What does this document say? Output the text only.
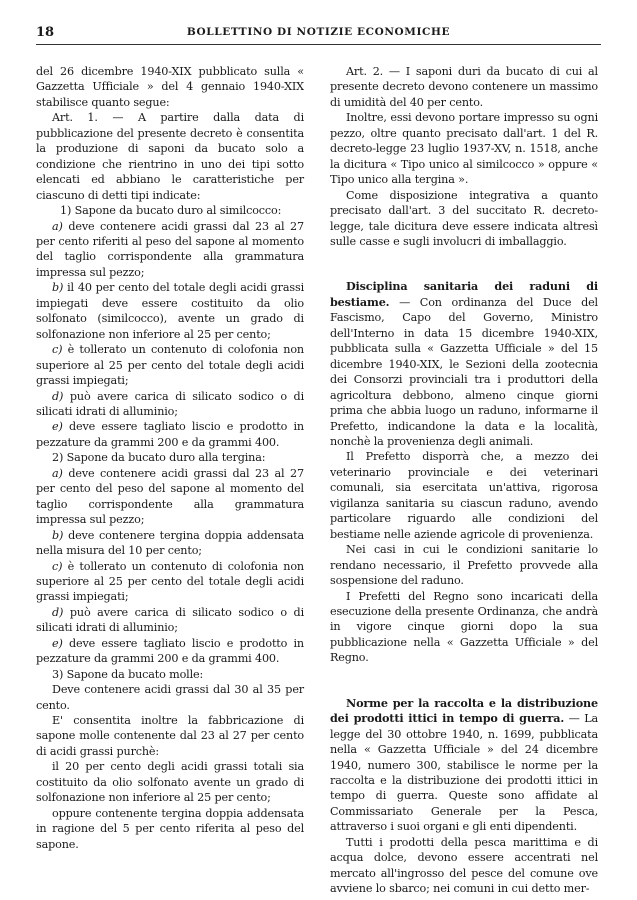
18	BOLLETTINO DI NOTIZIE ECONOMICHE

del 26 dicembre 1940-XIX pubblicato sulla « Gazzetta Ufficiale » del 4 gennaio 1940-XIX stabilisce quanto segue:

Art. 1. — A partire dalla data di pubblicazione del presente decreto è consentita la produzione di saponi da bucato solo a condizione che rientrino in uno dei tipi sotto elencati ed abbiano le caratteristiche per ciascuno di detti tipi indicate:

1) Sapone da bucato duro al similcocco:

a) deve contenere acidi grassi dal 23 al 27 per cento riferiti al peso del sapone al momento del taglio corrispondente alla grammatura impressa sul pezzo;

b) il 40 per cento del totale degli acidi grassi impiegati deve essere costituito da olio solfonato (similcocco), avente un grado di solfonazione non inferiore al 25 per cento;

c) è tollerato un contenuto di colofonia non superiore al 25 per cento del totale degli acidi grassi impiegati;

d) può avere carica di silicato sodico o di silicati idrati di alluminio;

e) deve essere tagliato liscio e prodotto in pezzature da grammi 200 e da grammi 400.

2) Sapone da bucato duro alla tergina:

a) deve contenere acidi grassi dal 23 al 27 per cento del peso del sapone al momento del taglio corrispondente alla grammatura impressa sul pezzo;

b) deve contenere tergina doppia addensata nella misura del 10 per cento;

c) è tollerato un contenuto di colofonia non superiore al 25 per cento del totale degli acidi grassi impiegati;

d) può avere carica di silicato sodico o di silicati idrati di alluminio;

e) deve essere tagliato liscio e prodotto in pezzature da grammi 200 e da grammi 400.

3) Sapone da bucato molle:

Deve contenere acidi grassi dal 30 al 35 per cento.

E' consentita inoltre la fabbricazione di sapone molle contenente dal 23 al 27 per cento di acidi grassi purchè:

il 20 per cento degli acidi grassi totali sia costituito da olio solfonato avente un grado di solfonazione non inferiore al 25 per cento;

oppure contenente tergina doppia addensata in ragione del 5 per cento riferita al peso del sapone.

Art. 2. — I saponi duri da bucato di cui al presente decreto devono contenere un massimo di umidità del 40 per cento.

Inoltre, essi devono portare impresso su ogni pezzo, oltre quanto precisato dall'art. 1 del R. decreto-legge 23 luglio 1937-XV, n. 1518, anche la dicitura « Tipo unico al similcocco » oppure « Tipo unico alla tergina ».

Come disposizione integrativa a quanto precisato dall'art. 3 del succitato R. decreto-legge, tale dicitura deve essere indicata altresì sulle casse e sugli involucri di imballaggio.

Disciplina sanitaria dei raduni di bestiame. — Con ordinanza del Duce del Fascismo, Capo del Governo, Ministro dell'Interno in data 15 dicembre 1940-XIX, pubblicata sulla « Gazzetta Ufficiale » del 15 dicembre 1940-XIX, le Sezioni della zootecnia dei Consorzi provinciali tra i produttori della agricoltura debbono, almeno cinque giorni prima che abbia luogo un raduno, informarne il Prefetto, indicandone la data e la località, nonchè la provenienza degli animali.

Il Prefetto disporrà che, a mezzo dei veterinario provinciale e dei veterinari comunali, sia esercitata un'attiva, rigorosa vigilanza sanitaria su ciascun raduno, avendo particolare riguardo alle condizioni del bestiame nelle aziende agricole di provenienza.

Nei casi in cui le condizioni sanitarie lo rendano necessario, il Prefetto provvede alla sospensione del raduno.

I Prefetti del Regno sono incaricati della esecuzione della presente Ordinanza, che andrà in vigore cinque giorni dopo la sua pubblicazione nella « Gazzetta Ufficiale » del Regno.

Norme per la raccolta e la distribuzione dei prodotti ittici in tempo di guerra. — La legge del 30 ottobre 1940, n. 1699, pubblicata nella « Gazzetta Ufficiale » del 24 dicembre 1940, numero 300, stabilisce le norme per la raccolta e la distribuzione dei prodotti ittici in tempo di guerra. Queste sono affidate al Commissariato Generale per la Pesca, attraverso i suoi organi e gli enti dipendenti.

Tutti i prodotti della pesca marittima e di acqua dolce, devono essere accentrati nel mercato all'ingrosso del pesce del comune ove avviene lo sbarco; nei comuni in cui detto mer-
